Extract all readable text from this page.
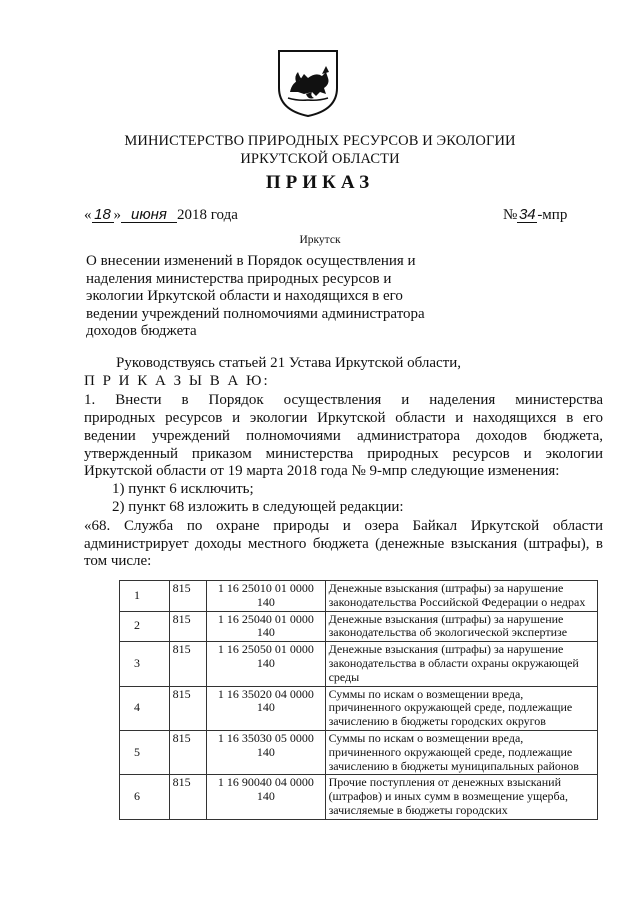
МИНИСТЕРСТВО ПРИРОДНЫХ РЕСУРСОВ И ЭКОЛОГИИ
ИРКУТСКОЙ ОБЛАСТИ
ПРИКАЗ
« 18 » июня 2018 года	№ 34 -мпр
Иркутск
О внесении изменений в Порядок осуществления и наделения министерства природных ресурсов и экологии Иркутской области и находящихся в его ведении учреждений полномочиями администратора доходов бюджета
Руководствуясь статьей 21 Устава Иркутской области,
П Р И К А З Ы В А Ю:
1. Внести в Порядок осуществления и наделения министерства
природных ресурсов и экологии Иркутской области и находящихся в его
ведении учреждений полномочиями администратора доходов бюджета,
утвержденный приказом министерства природных ресурсов и экологии
Иркутской области от 19 марта 2018 года № 9-мпр следующие изменения:
1) пункт 6 исключить;
2) пункт 68 изложить в следующей редакции:
«68. Служба по охране природы и озера Байкал Иркутской области
администрирует доходы местного бюджета (денежные взыскания (штрафы), в
том числе:
1	815	1 16 25010 01 0000 140	Денежные взыскания (штрафы) за нарушение законодательства Российской Федерации о недрах
2	815	1 16 25040 01 0000 140	Денежные взыскания (штрафы) за нарушение законодательства об экологической экспертизе
3	815	1 16 25050 01 0000 140	Денежные взыскания (штрафы) за нарушение законодательства в области охраны окружающей среды
4	815	1 16 35020 04 0000 140	Суммы по искам о возмещении вреда, причиненного окружающей среде, подлежащие зачислению в бюджеты городских округов
5	815	1 16 35030 05 0000 140	Суммы по искам о возмещении вреда, причиненного окружающей среде, подлежащие зачислению в бюджеты муниципальных районов
6	815	1 16 90040 04 0000 140	Прочие поступления от денежных взысканий (штрафов) и иных сумм в возмещение ущерба, зачисляемые в бюджеты городских
